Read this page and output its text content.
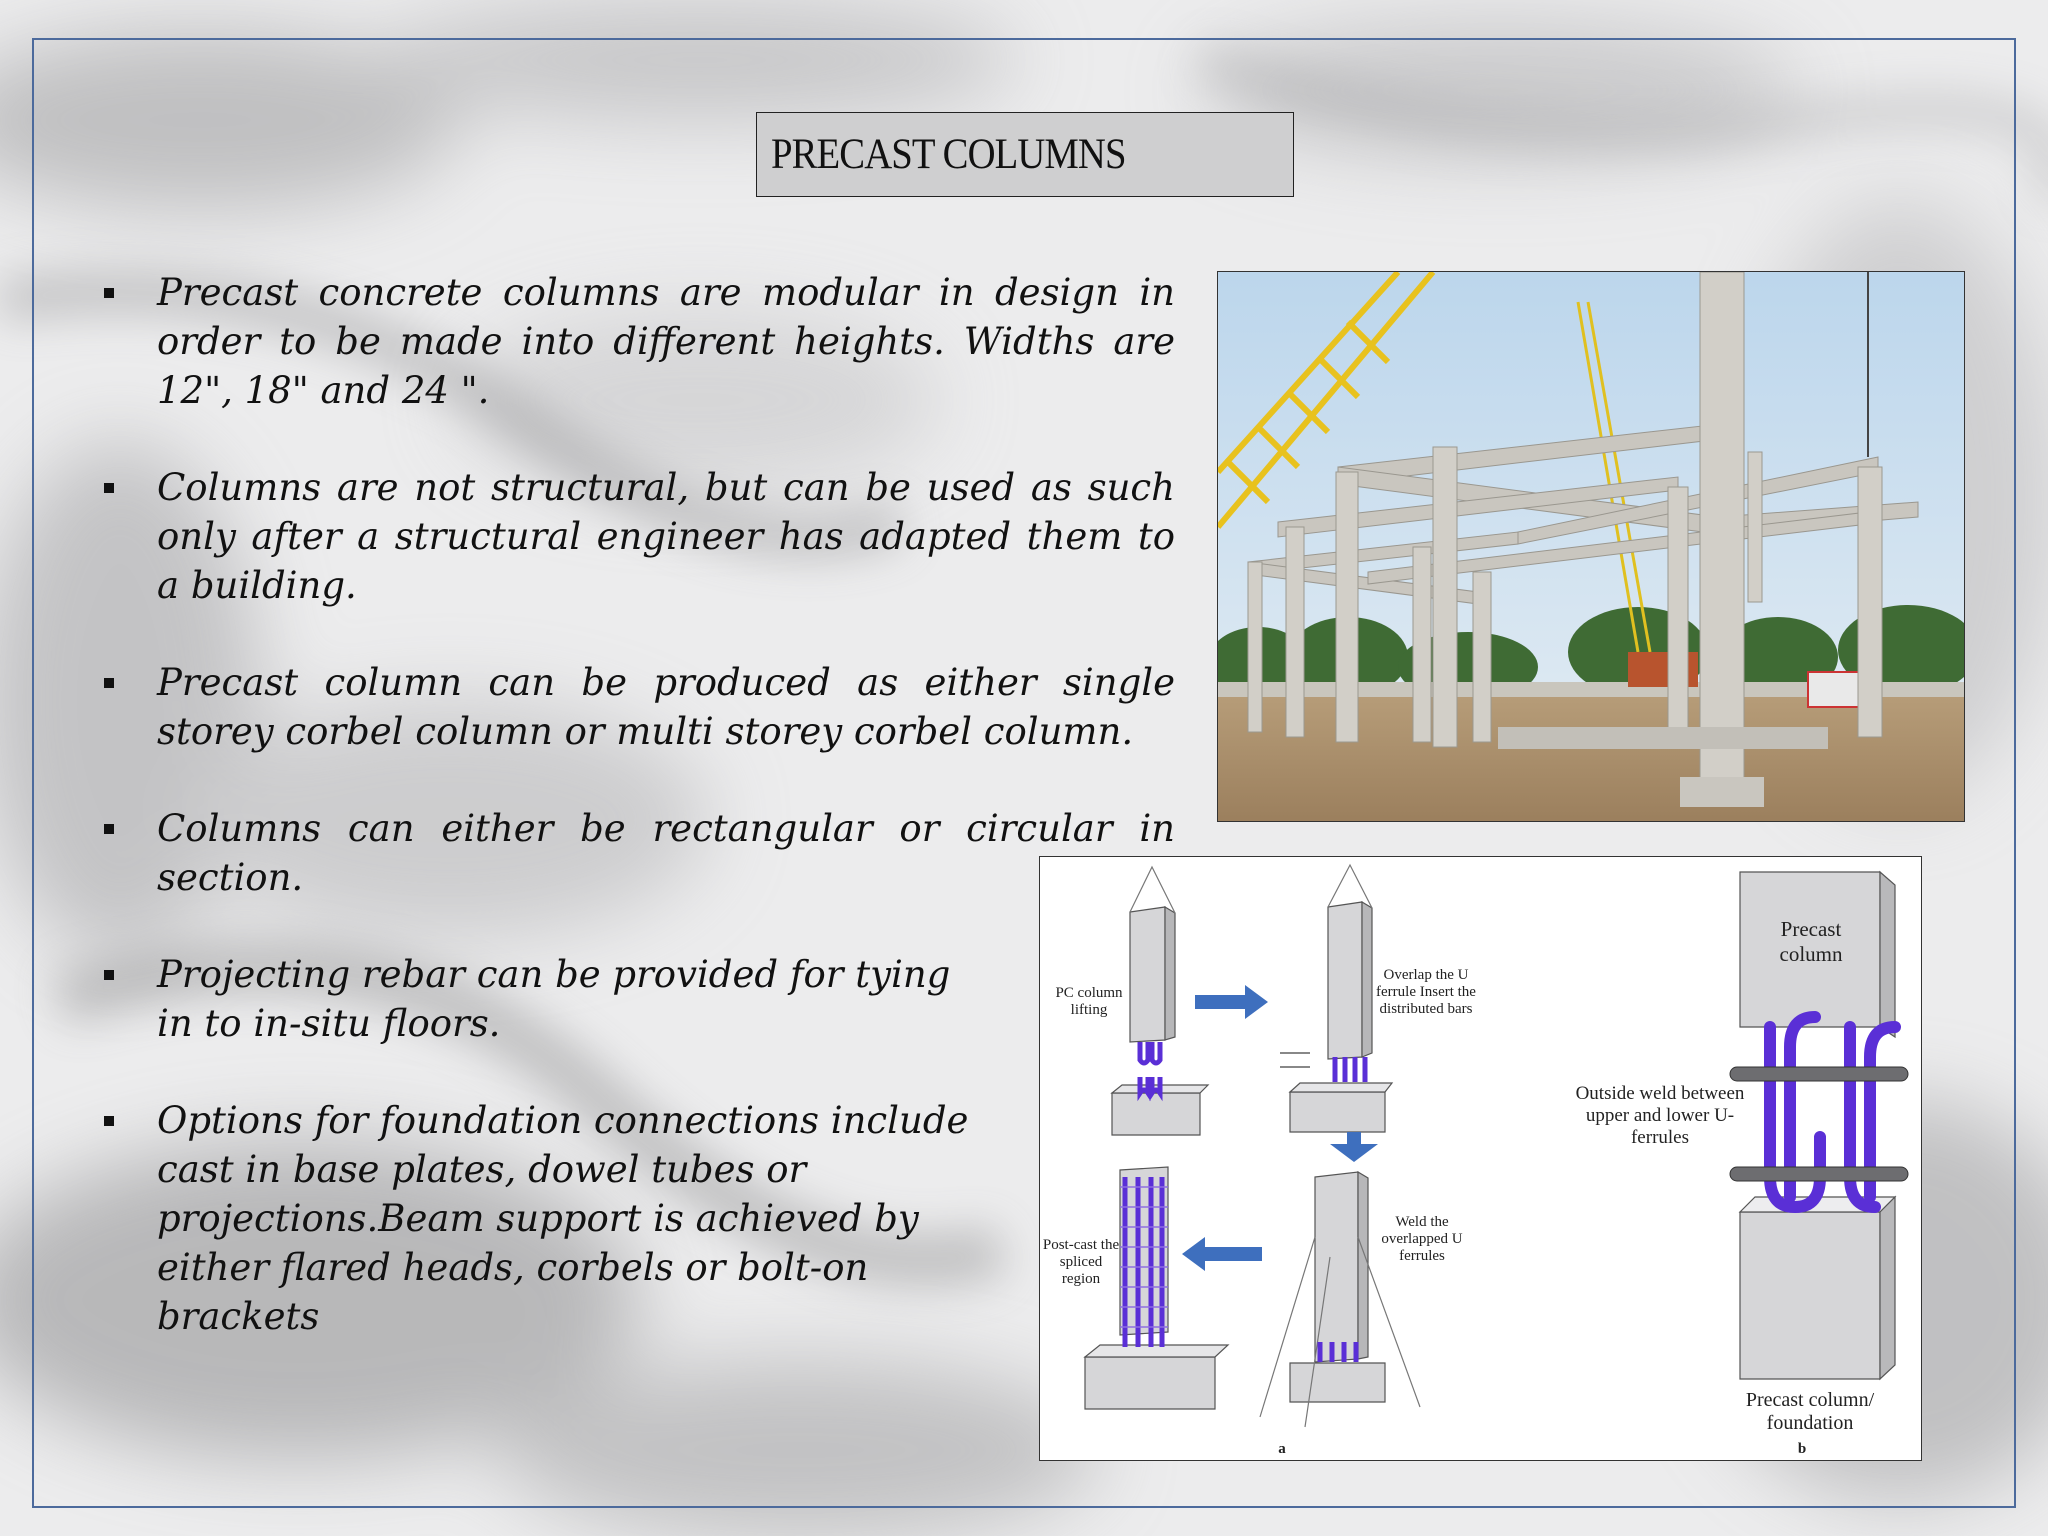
PRECAST COLUMNS
Precast concrete columns are modular in design in order to be made into different heights. Widths are 12", 18" and 24 ".
Columns are not structural, but can be used as such only after a structural engineer has adapted them to a building.
Precast column can be produced as either single storey corbel column or multi storey corbel column.
Columns can either be rectangular or circular in section.
Projecting rebar can be provided for tying in to in-situ floors.
Options for foundation connections include cast in base plates, dowel tubes or projections.Beam support is achieved by either flared heads, corbels or bolt-on brackets
PC column lifting
Overlap the U ferrule Insert the distributed bars
Post-cast the spliced region
Weld the overlapped U ferrules
Precast column
Outside weld between upper and lower U-ferrules
Precast column/ foundation
a	b
